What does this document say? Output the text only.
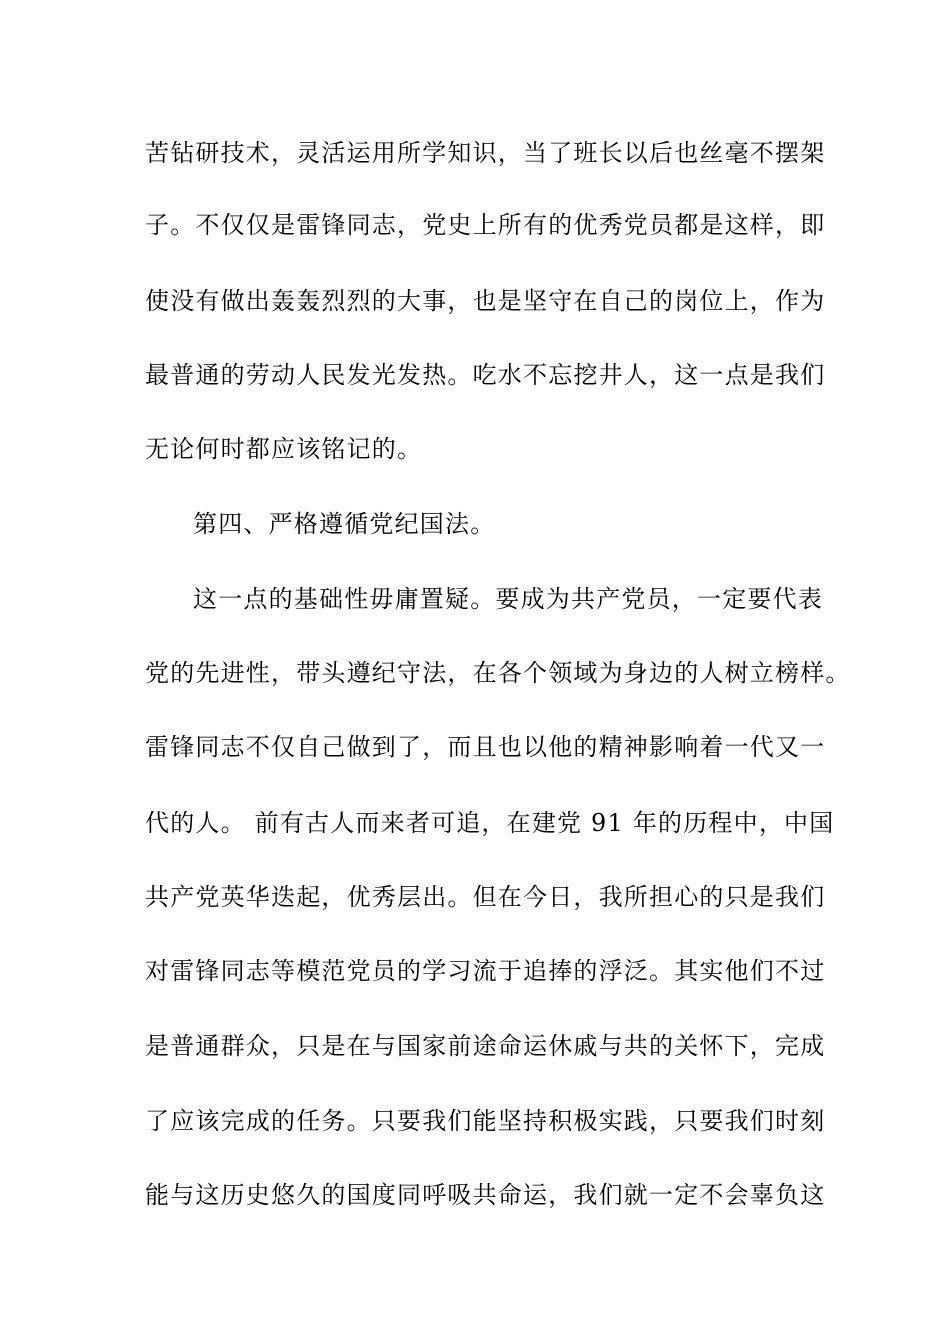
苦钻研技术，灵活运用所学知识，当了班长以后也丝毫不摆架
子。不仅仅是雷锋同志，党史上所有的优秀党员都是这样，即
使没有做出轰轰烈烈的大事，也是坚守在自己的岗位上，作为
最普通的劳动人民发光发热。吃水不忘挖井人，这一点是我们
无论何时都应该铭记的。
第四、严格遵循党纪国法。
这一点的基础性毋庸置疑。要成为共产党员，一定要代表
党的先进性，带头遵纪守法，在各个领域为身边的人树立榜样。
雷锋同志不仅自己做到了，而且也以他的精神影响着一代又一
代的人。 前有古人而来者可追，在建党 91 年的历程中，中国
共产党英华迭起，优秀层出。但在今日，我所担心的只是我们
对雷锋同志等模范党员的学习流于追捧的浮泛。其实他们不过
是普通群众，只是在与国家前途命运休戚与共的关怀下，完成
了应该完成的任务。只要我们能坚持积极实践，只要我们时刻
能与这历史悠久的国度同呼吸共命运，我们就一定不会辜负这
